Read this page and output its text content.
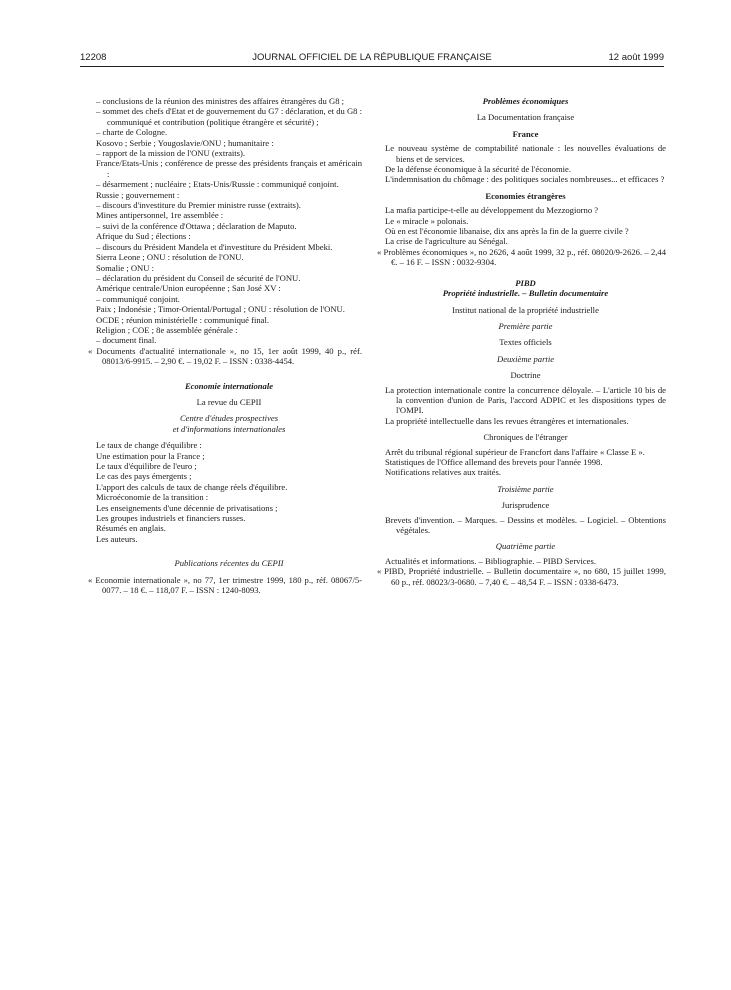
12208	JOURNAL OFFICIEL DE LA RÉPUBLIQUE FRANÇAISE	12 août 1999
– conclusions de la réunion des ministres des affaires étrangères du G8 ;
– sommet des chefs d'Etat et de gouvernement du G7 : déclaration, et du G8 : communiqué et contribution (politique étrangère et sécurité) ;
– charte de Cologne.
Kosovo ; Serbie ; Yougoslavie/ONU ; humanitaire :
– rapport de la mission de l'ONU (extraits).
France/Etats-Unis ; conférence de presse des présidents français et américain :
– désarmement ; nucléaire ; Etats-Unis/Russie : communiqué conjoint.
Russie ; gouvernement :
– discours d'investiture du Premier ministre russe (extraits).
Mines antipersonnel, 1re assemblée :
– suivi de la conférence d'Ottawa ; déclaration de Maputo.
Afrique du Sud ; élections :
– discours du Président Mandela et d'investiture du Président Mbeki.
Sierra Leone ; ONU : résolution de l'ONU.
Somalie ; ONU :
– déclaration du président du Conseil de sécurité de l'ONU.
Amérique centrale/Union européenne ; San José XV :
– communiqué conjoint.
Paix ; Indonésie ; Timor-Oriental/Portugal ; ONU : résolution de l'ONU.
OCDE ; réunion ministérielle : communiqué final.
Religion ; COE ; 8e assemblée générale :
– document final.
« Documents d'actualité internationale », no 15, 1er août 1999, 40 p., réf. 08013/6-9915. – 2,90 €. – 19,02 F. – ISSN : 0338-4454.
Economie internationale
La revue du CEPII
Centre d'études prospectives
et d'informations internationales
Le taux de change d'équilibre :
Une estimation pour la France ;
Le taux d'équilibre de l'euro ;
Le cas des pays émergents ;
L'apport des calculs de taux de change réels d'équilibre.
Microéconomie de la transition :
Les enseignements d'une décennie de privatisations ;
Les groupes industriels et financiers russes.
Résumés en anglais.
Les auteurs.
Publications récentes du CEPII
« Economie internationale », no 77, 1er trimestre 1999, 180 p., réf. 08067/5-0077. – 18 €. – 118,07 F. – ISSN : 1240-8093.
Problèmes économiques
La Documentation française
France
Le nouveau système de comptabilité nationale : les nouvelles évaluations de biens et de services.
De la défense économique à la sécurité de l'économie.
L'indemnisation du chômage : des politiques sociales nombreuses... et efficaces ?
Economies étrangères
La mafia participe-t-elle au développement du Mezzogiorno ?
Le « miracle » polonais.
Où en est l'économie libanaise, dix ans après la fin de la guerre civile ?
La crise de l'agriculture au Sénégal.
« Problèmes économiques », no 2626, 4 août 1999, 32 p., réf. 08020/9-2626. – 2,44 €. – 16 F. – ISSN : 0032-9304.
PIBD
Propriété industrielle. – Bulletin documentaire
Institut national de la propriété industrielle
Première partie
Textes officiels
Deuxième partie
Doctrine
La protection internationale contre la concurrence déloyale. – L'article 10 bis de la convention d'union de Paris, l'accord ADPIC et les dispositions types de l'OMPI.
La propriété intellectuelle dans les revues étrangères et internationales.
Chroniques de l'étranger
Arrêt du tribunal régional supérieur de Francfort dans l'affaire « Classe E ».
Statistiques de l'Office allemand des brevets pour l'année 1998.
Notifications relatives aux traités.
Troisième partie
Jurisprudence
Brevets d'invention. – Marques. – Dessins et modèles. – Logiciel. – Obtentions végétales.
Quatrième partie
Actualités et informations. – Bibliographie. – PIBD Services.
« PIBD, Propriété industrielle. – Bulletin documentaire », no 680, 15 juillet 1999, 60 p., réf. 08023/3-0680. – 7,40 €. – 48,54 F. – ISSN : 0338-6473.
